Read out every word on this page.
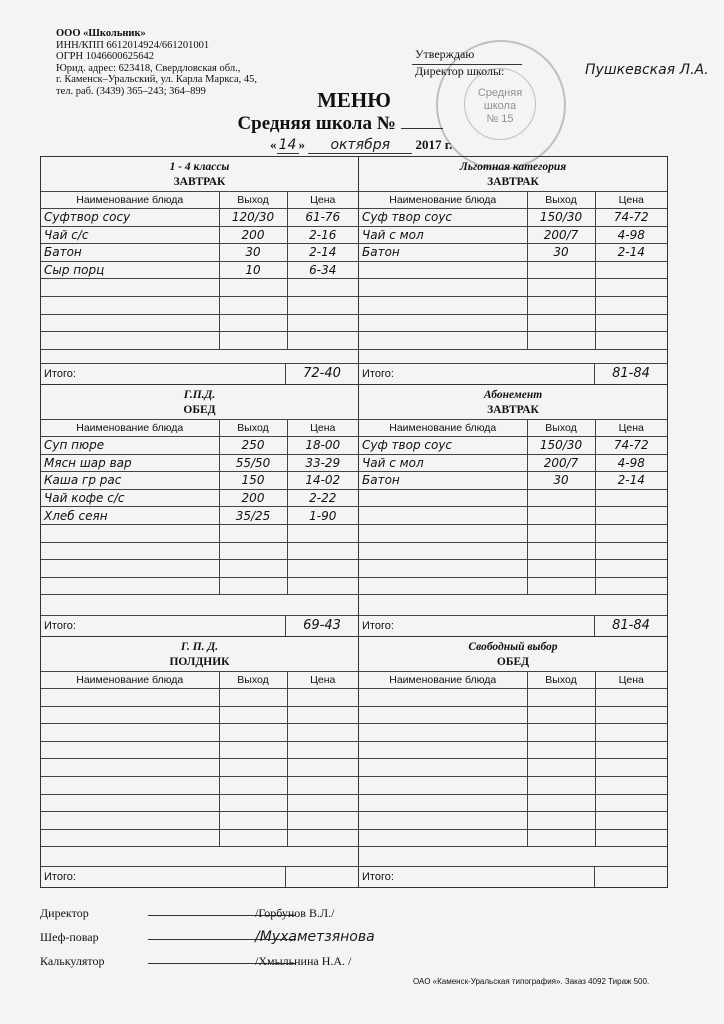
ООО «Школьник»
ИНН/КПП 6612014924/661201001
ОГРН 1046600625642
Юрид. адрес: 623418, Свердловская обл.,
г. Каменск–Уральский, ул. Карла Маркса, 45,
тел. раб. (3439) 365–243; 364–899	Средняя
школа
№ 15
Утверждаю
Директор школы:	Пушкевская Л.А.
МЕНЮ
Средняя школа №
« 14 » октября 2017 г.
1 - 4 классы
ЗАВТРАК
Наименование блюда	Выход	Цена
Суфтвор сосу	120/30	61-76
Чай с/с	200	2-16
Батон	30	2-14
Сыр порц	10	6-34

Итого:	72-40
Льготная категория
ЗАВТРАК
Наименование блюда	Выход	Цена
Суф твор соус	150/30	74-72
Чай с мол	200/7	4-98
Батон	30	2-14

Итого:	81-84
Г.П.Д.
ОБЕД
Наименование блюда	Выход	Цена
Суп пюре	250	18-00
Мясн шар вар	55/50	33-29
Каша гр рас	150	14-02
Чай кофе с/с	200	2-22
Хлеб сеян	35/25	1-90

Итого:	69-43
Абонемент
ЗАВТРАК
Наименование блюда	Выход	Цена
Суф твор соус	150/30	74-72
Чай с мол	200/7	4-98
Батон	30	2-14

Итого:	81-84
Г. П. Д.
ПОЛДНИК
Наименование блюда	Выход	Цена

Итого:
Свободный выбор
ОБЕД
Наименование блюда	Выход	Цена

Итого:
Директор	/Горбунов В.Л./
Шеф-повар	/Мухаметзянова
Калькулятор	/Хмыльнина Н.А. /
ОАО «Каменск-Уральская типография». Заказ 4092 Тираж 500.
